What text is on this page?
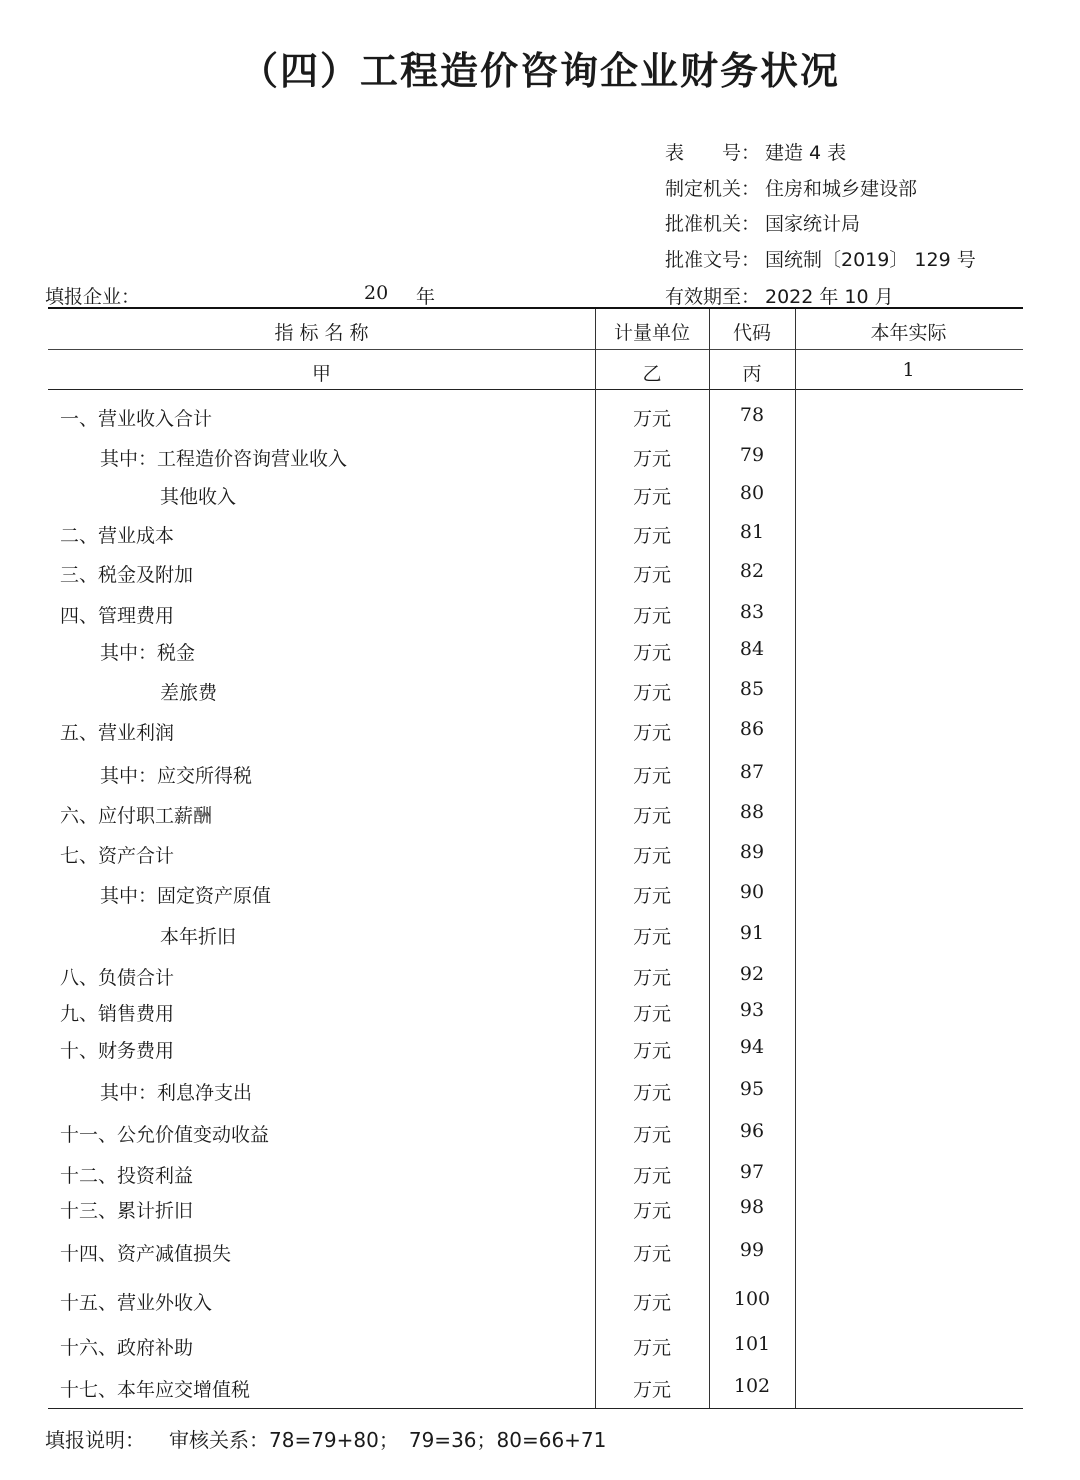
（四）工程造价咨询企业财务状况
表　　号： 建造 4 表
制定机关： 住房和城乡建设部
批准机关： 国家统计局
批准文号： 国统制〔2019〕 129 号
有效期至： 2022 年 10 月
填报企业：	20 年
指 标 名 称	计量单位	代码	本年实际
甲	乙	丙	1
一、营业收入合计	万元	78
其中：工程造价咨询营业收入	万元	79
其他收入	万元	80
二、营业成本	万元	81
三、税金及附加	万元	82
四、管理费用	万元	83
其中：税金	万元	84
差旅费	万元	85
五、营业利润	万元	86
其中：应交所得税	万元	87
六、应付职工薪酬	万元	88
七、资产合计	万元	89
其中：固定资产原值	万元	90
本年折旧	万元	91
八、负债合计	万元	92
九、销售费用	万元	93
十、财务费用	万元	94
其中：利息净支出	万元	95
十一、公允价值变动收益	万元	96
十二、投资利益	万元	97
十三、累计折旧	万元	98
十四、资产减值损失	万元	99
十五、营业外收入	万元	100
十六、政府补助	万元	101
十七、本年应交增值税	万元	102
填报说明： 审核关系：78=79+80；　79=36；80=66+71
